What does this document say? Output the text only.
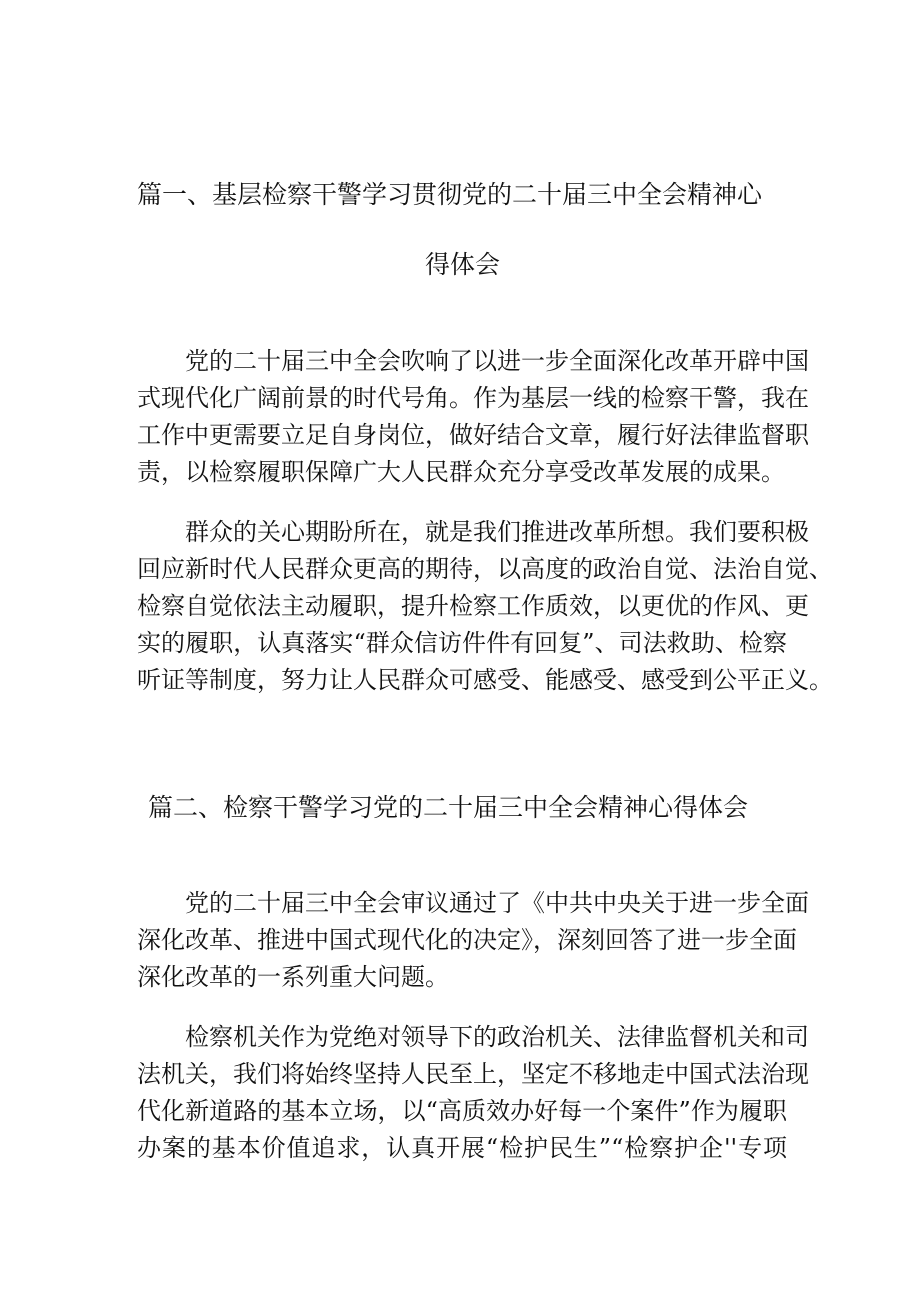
篇一、基层检察干警学习贯彻党的二十届三中全会精神心
得体会
党的二十届三中全会吹响了以进一步全面深化改革开辟中国
式现代化广阔前景的时代号角。作为基层一线的检察干警，我在
工作中更需要立足自身岗位，做好结合文章，履行好法律监督职
责，以检察履职保障广大人民群众充分享受改革发展的成果。
群众的关心期盼所在，就是我们推进改革所想。我们要积极
回应新时代人民群众更高的期待，以高度的政治自觉、法治自觉、
检察自觉依法主动履职，提升检察工作质效，以更优的作风、更
实的履职，认真落实“群众信访件件有回复”、司法救助、检察
听证等制度，努力让人民群众可感受、能感受、感受到公平正义。
篇二、检察干警学习党的二十届三中全会精神心得体会
党的二十届三中全会审议通过了《中共中央关于进一步全面
深化改革、推进中国式现代化的决定》，深刻回答了进一步全面
深化改革的一系列重大问题。
检察机关作为党绝对领导下的政治机关、法律监督机关和司
法机关，我们将始终坚持人民至上，坚定不移地走中国式法治现
代化新道路的基本立场，以“高质效办好每一个案件”作为履职
办案的基本价值追求，认真开展“检护民生”“检察护企''专项
